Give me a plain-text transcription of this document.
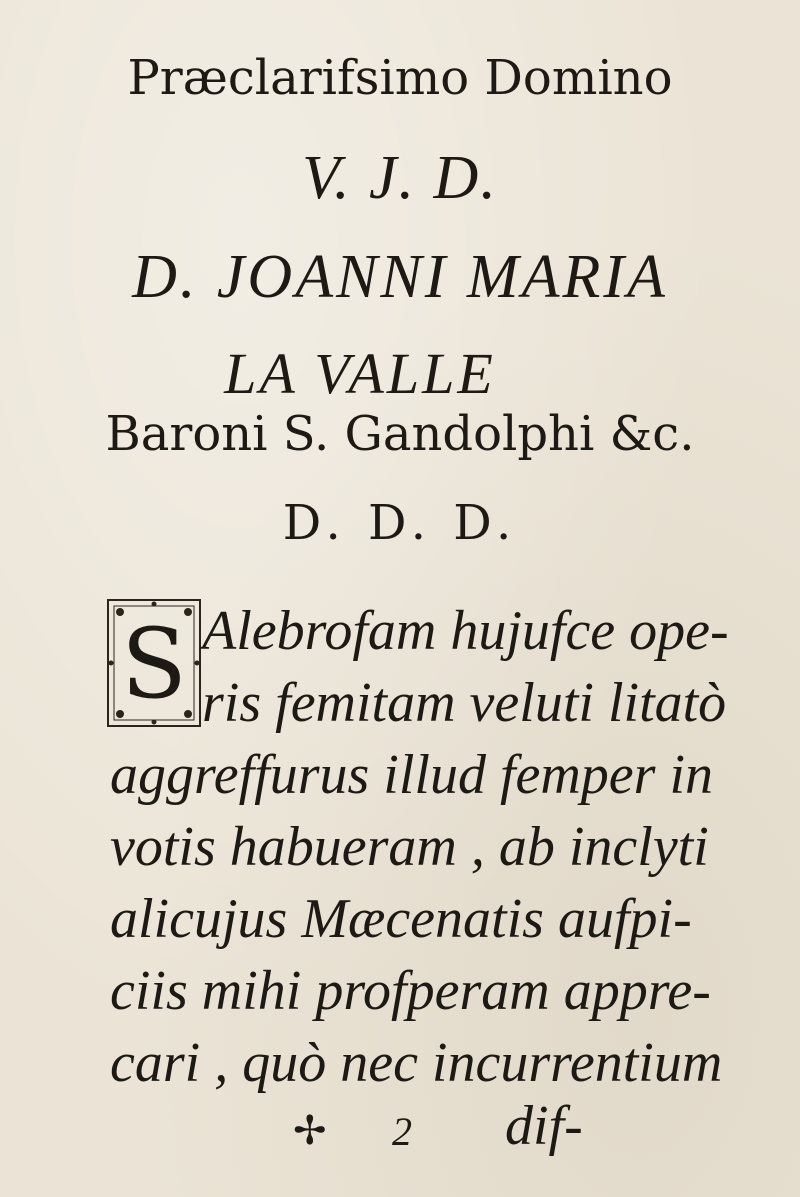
Præclarifsimo Domino

V. J. D.

D. JOANNI MARIA

LA VALLE

Baroni S. Gandolphi &c.

D. D. D.

S Alebrofam hujufce ope-
ris femitam veluti litatò
aggreffurus illud femper in
votis habueram , ab inclyti
alicujus Mæcenatis aufpi-
ciis mihi profperam appre-
cari , quò nec incurrentium
✢ 2 dif-
